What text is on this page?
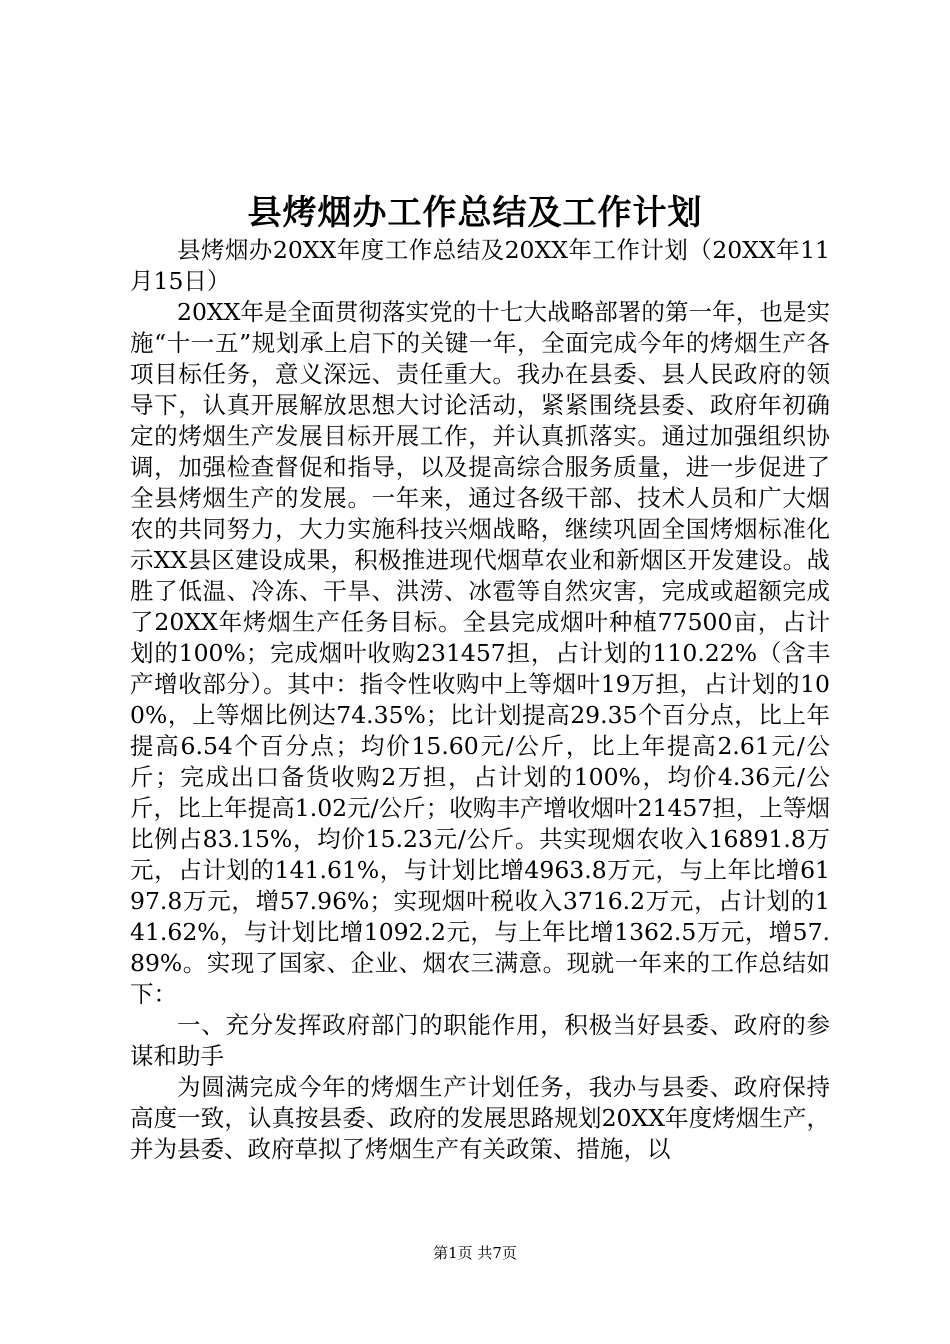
县烤烟办工作总结及工作计划

县烤烟办20XX年度工作总结及20XX年工作计划（20XX年11月15日）

20XX年是全面贯彻落实党的十七大战略部署的第一年，也是实施“十一五”规划承上启下的关键一年，全面完成今年的烤烟生产各项目标任务，意义深远、责任重大。我办在县委、县人民政府的领导下，认真开展解放思想大讨论活动，紧紧围绕县委、政府年初确定的烤烟生产发展目标开展工作，并认真抓落实。通过加强组织协调，加强检查督促和指导，以及提高综合服务质量，进一步促进了全县烤烟生产的发展。一年来，通过各级干部、技术人员和广大烟农的共同努力，大力实施科技兴烟战略，继续巩固全国烤烟标准化示XX县区建设成果，积极推进现代烟草农业和新烟区开发建设。战胜了低温、冷冻、干旱、洪涝、冰雹等自然灾害，完成或超额完成了20XX年烤烟生产任务目标。全县完成烟叶种植77500亩，占计划的100%；完成烟叶收购231457担，占计划的110.22%（含丰产增收部分）。其中：指令性收购中上等烟叶19万担，占计划的100%，上等烟比例达74.35%；比计划提高29.35个百分点，比上年提高6.54个百分点；均价15.60元/公斤，比上年提高2.61元/公斤；完成出口备货收购2万担，占计划的100%，均价4.36元/公斤，比上年提高1.02元/公斤；收购丰产增收烟叶21457担，上等烟比例占83.15%，均价15.23元/公斤。共实现烟农收入16891.8万元，占计划的141.61%，与计划比增4963.8万元，与上年比增6197.8万元，增57.96%；实现烟叶税收入3716.2万元，占计划的141.62%，与计划比增1092.2元，与上年比增1362.5万元，增57.89%。实现了国家、企业、烟农三满意。现就一年来的工作总结如下：

一、充分发挥政府部门的职能作用，积极当好县委、政府的参谋和助手

为圆满完成今年的烤烟生产计划任务，我办与县委、政府保持高度一致，认真按县委、政府的发展思路规划20XX年度烤烟生产，并为县委、政府草拟了烤烟生产有关政策、措施，以

第1页 共7页
